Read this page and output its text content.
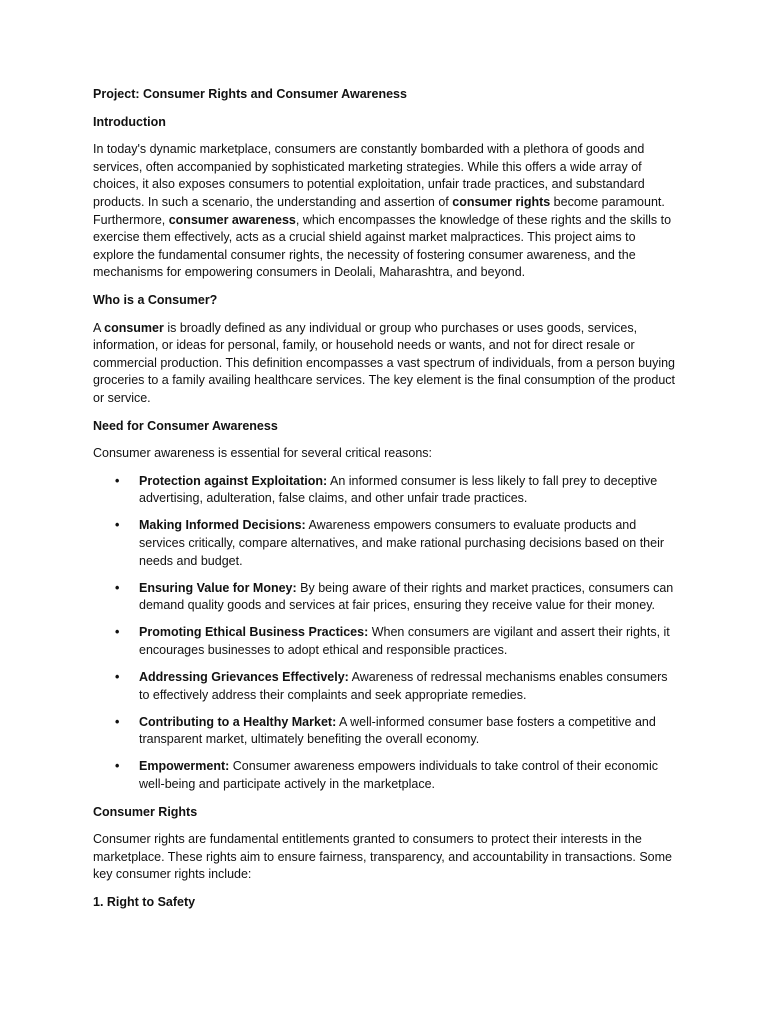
Project: Consumer Rights and Consumer Awareness

Introduction

In today's dynamic marketplace, consumers are constantly bombarded with a plethora of goods and services, often accompanied by sophisticated marketing strategies. While this offers a wide array of choices, it also exposes consumers to potential exploitation, unfair trade practices, and substandard products. In such a scenario, the understanding and assertion of consumer rights become paramount. Furthermore, consumer awareness, which encompasses the knowledge of these rights and the skills to exercise them effectively, acts as a crucial shield against market malpractices. This project aims to explore the fundamental consumer rights, the necessity of fostering consumer awareness, and the mechanisms for empowering consumers in Deolali, Maharashtra, and beyond.

Who is a Consumer?

A consumer is broadly defined as any individual or group who purchases or uses goods, services, information, or ideas for personal, family, or household needs or wants, and not for direct resale or commercial production. This definition encompasses a vast spectrum of individuals, from a person buying groceries to a family availing healthcare services. The key element is the final consumption of the product or service.

Need for Consumer Awareness

Consumer awareness is essential for several critical reasons:

• Protection against Exploitation: An informed consumer is less likely to fall prey to deceptive advertising, adulteration, false claims, and other unfair trade practices.
• Making Informed Decisions: Awareness empowers consumers to evaluate products and services critically, compare alternatives, and make rational purchasing decisions based on their needs and budget.
• Ensuring Value for Money: By being aware of their rights and market practices, consumers can demand quality goods and services at fair prices, ensuring they receive value for their money.
• Promoting Ethical Business Practices: When consumers are vigilant and assert their rights, it encourages businesses to adopt ethical and responsible practices.
• Addressing Grievances Effectively: Awareness of redressal mechanisms enables consumers to effectively address their complaints and seek appropriate remedies.
• Contributing to a Healthy Market: A well-informed consumer base fosters a competitive and transparent market, ultimately benefiting the overall economy.
• Empowerment: Consumer awareness empowers individuals to take control of their economic well-being and participate actively in the marketplace.

Consumer Rights

Consumer rights are fundamental entitlements granted to consumers to protect their interests in the marketplace. These rights aim to ensure fairness, transparency, and accountability in transactions. Some key consumer rights include:

1. Right to Safety
